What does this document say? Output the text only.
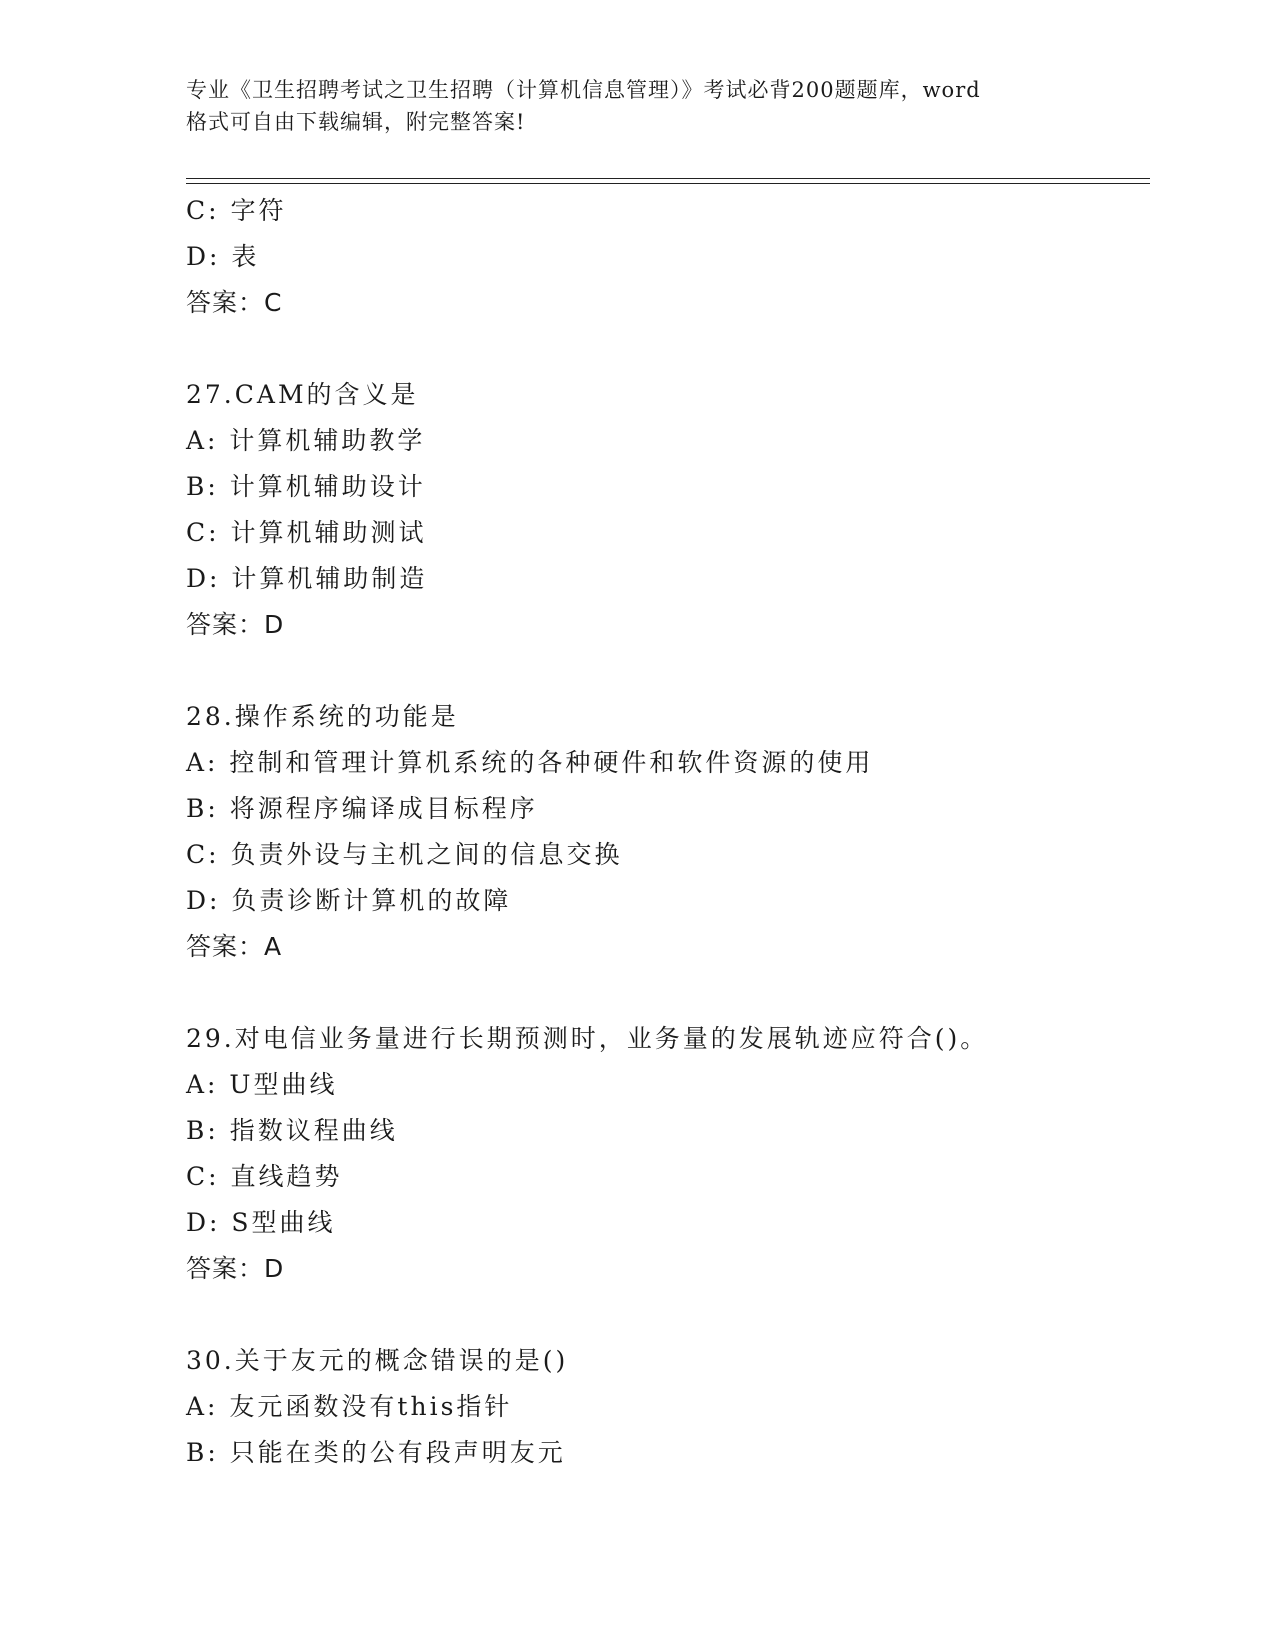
专业《卫生招聘考试之卫生招聘（计算机信息管理）》考试必背200题题库，word
格式可自由下载编辑，附完整答案!
C: 字符
D: 表
答案：C
27.CAM的含义是
A: 计算机辅助教学
B: 计算机辅助设计
C: 计算机辅助测试
D: 计算机辅助制造
答案：D
28.操作系统的功能是
A: 控制和管理计算机系统的各种硬件和软件资源的使用
B: 将源程序编译成目标程序
C: 负责外设与主机之间的信息交换
D: 负责诊断计算机的故障
答案：A
29.对电信业务量进行长期预测时，业务量的发展轨迹应符合()。
A: U型曲线
B: 指数议程曲线
C: 直线趋势
D: S型曲线
答案：D
30.关于友元的概念错误的是()
A: 友元函数没有this指针
B: 只能在类的公有段声明友元
